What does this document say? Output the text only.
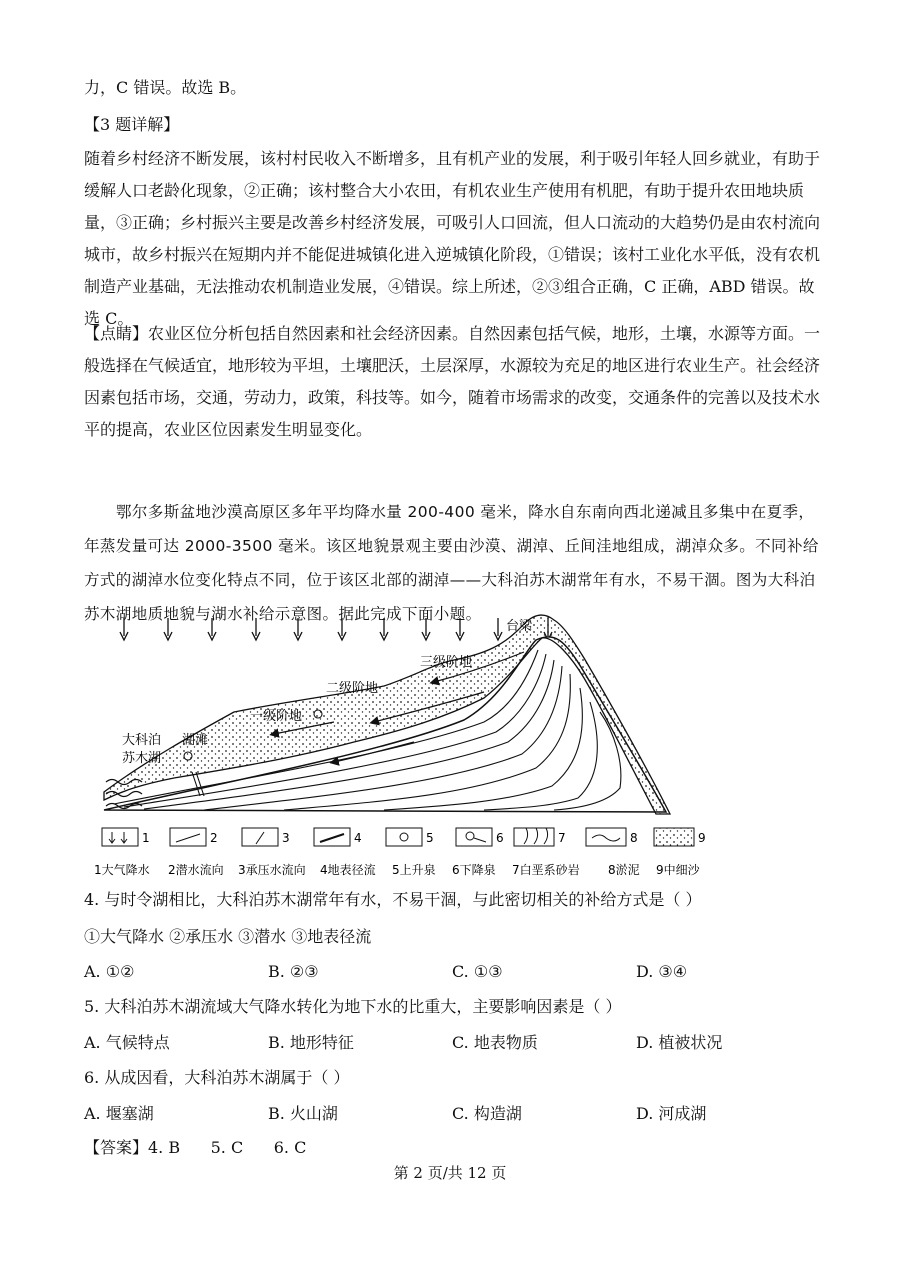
力，C 错误。故选 B。

【3 题详解】

随着乡村经济不断发展，该村村民收入不断增多，且有机产业的发展，利于吸引年轻人回乡就业，有助于缓解人口老龄化现象，②正确；该村整合大小农田，有机农业生产使用有机肥，有助于提升农田地块质量，③正确；乡村振兴主要是改善乡村经济发展，可吸引人口回流，但人口流动的大趋势仍是由农村流向城市，故乡村振兴在短期内并不能促进城镇化进入逆城镇化阶段，①错误；该村工业化水平低，没有农机制造产业基础，无法推动农机制造业发展，④错误。综上所述，②③组合正确，C 正确，ABD 错误。故选 C。

【点睛】农业区位分析包括自然因素和社会经济因素。自然因素包括气候，地形，土壤，水源等方面。一般选择在气候适宜，地形较为平坦，土壤肥沃，土层深厚，水源较为充足的地区进行农业生产。社会经济因素包括市场，交通，劳动力，政策，科技等。如今，随着市场需求的改变，交通条件的完善以及技术水平的提高，农业区位因素发生明显变化。

鄂尔多斯盆地沙漠高原区多年平均降水量 200-400 毫米，降水自东南向西北递减且多集中在夏季，年蒸发量可达 2000-3500 毫米。该区地貌景观主要由沙漠、湖淖、丘间洼地组成，湖淖众多。不同补给方式的湖淖水位变化特点不同，位于该区北部的湖淖——大科泊苏木湖常年有水，不易干涸。图为大科泊苏木湖地质地貌与湖水补给示意图。据此完成下面小题。

台梁
三级阶地
二级阶地
一级阶地
大科泊
苏木湖
湖滩
1	2	3	4	5	6	7	8	9
1大气降水 2潜水流向 3承压水流向 4地表径流 5上升泉 6下降泉 7白垩系砂岩 8淤泥 9中细沙

4. 与时令湖相比，大科泊苏木湖常年有水，不易干涸，与此密切相关的补给方式是（ ）

①大气降水 ②承压水 ③潜水 ③地表径流

A. ①②	B. ②③	C. ①③	D. ③④

5. 大科泊苏木湖流域大气降水转化为地下水的比重大，主要影响因素是（ ）

A. 气候特点	B. 地形特征	C. 地表物质	D. 植被状况

6. 从成因看，大科泊苏木湖属于（ ）

A. 堰塞湖	B. 火山湖	C. 构造湖	D. 河成湖

【答案】4. B      5. C      6. C

第 2 页/共 12 页
